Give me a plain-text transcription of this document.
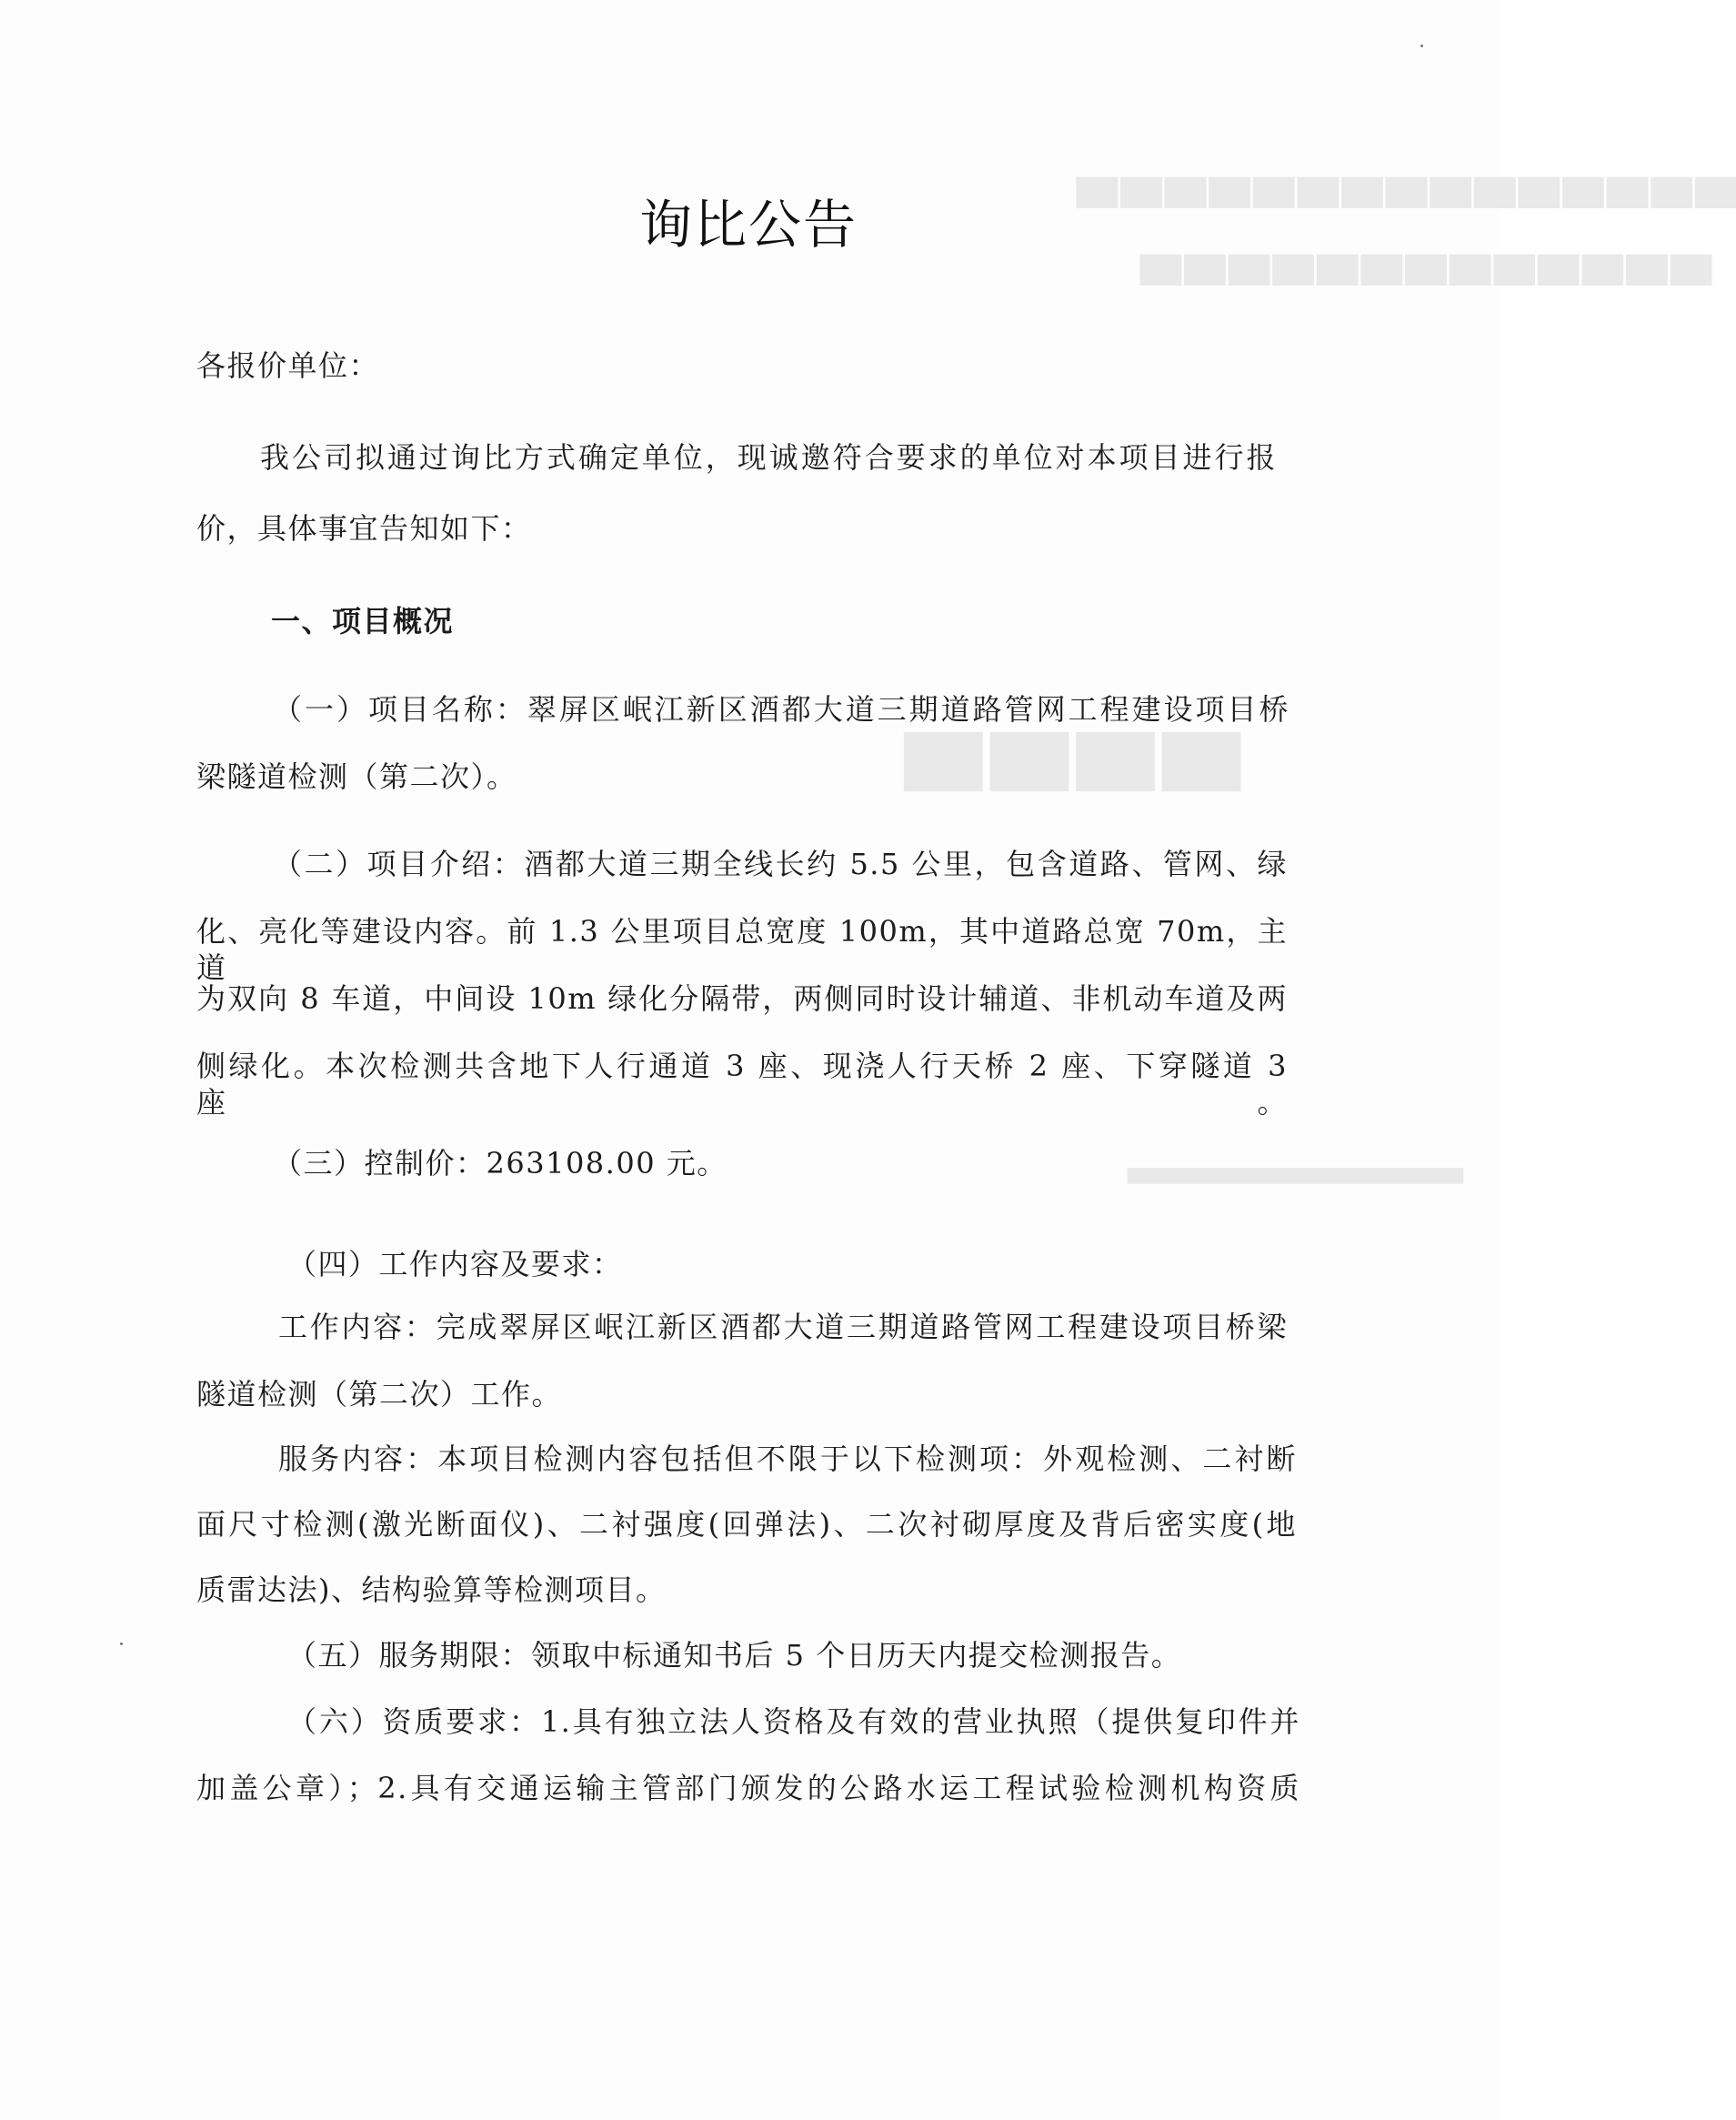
▀▀▀▀▀▀▀▀▀▀▀▀▀▀▀
▀▀▀▀▀▀▀▀▀▀▀▀▀
▀▀▀▀
▀▀▀▀▀▀▀▀▀▀▀▀▀▀▀▀
询比公告
各报价单位：
我公司拟通过询比方式确定单位，现诚邀符合要求的单位对本项目进行报
价，具体事宜告知如下：
一、项目概况
（一）项目名称：翠屏区岷江新区酒都大道三期道路管网工程建设项目桥
梁隧道检测（第二次）。
（二）项目介绍：酒都大道三期全线长约 5.5 公里，包含道路、管网、绿
化、亮化等建设内容。前 1.3 公里项目总宽度 100m，其中道路总宽 70m，主道
为双向 8 车道，中间设 10m 绿化分隔带，两侧同时设计辅道、非机动车道及两
侧绿化。本次检测共含地下人行通道 3 座、现浇人行天桥 2 座、下穿隧道 3 座。
（三）控制价：263108.00 元。
（四）工作内容及要求：
工作内容：完成翠屏区岷江新区酒都大道三期道路管网工程建设项目桥梁
隧道检测（第二次）工作。
服务内容：本项目检测内容包括但不限于以下检测项：外观检测、二衬断
面尺寸检测(激光断面仪)、二衬强度(回弹法)、二次衬砌厚度及背后密实度(地
质雷达法)、结构验算等检测项目。
（五）服务期限：领取中标通知书后 5 个日历天内提交检测报告。
（六）资质要求：1.具有独立法人资格及有效的营业执照（提供复印件并
加盖公章）；2.具有交通运输主管部门颁发的公路水运工程试验检测机构资质
